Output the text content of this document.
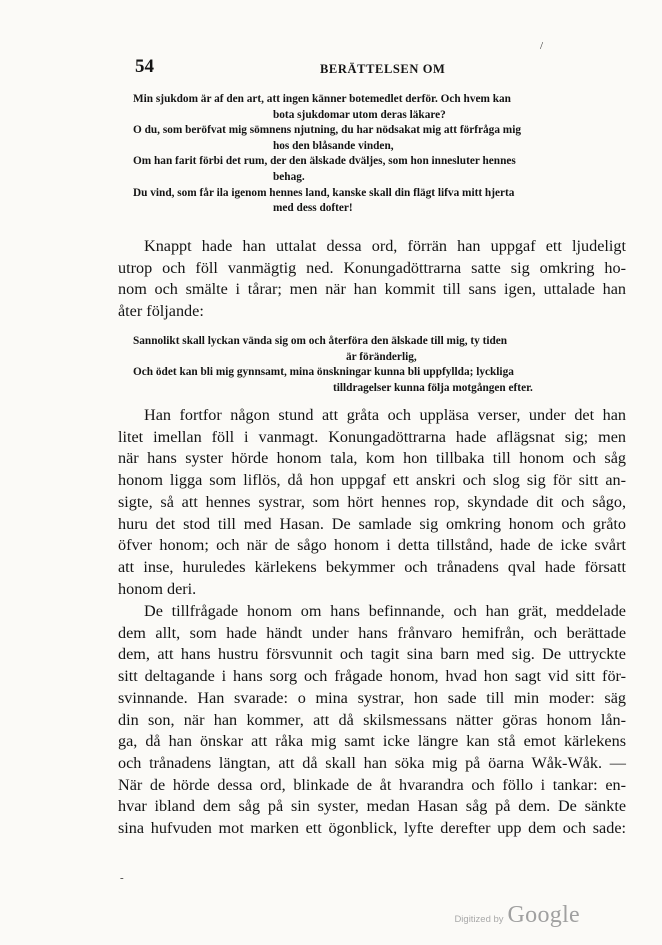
54	BERÄTTELSEN OM
/
Min sjukdom är af den art, att ingen känner botemedlet derför. Och hvem kan
bota sjukdomar utom deras läkare?
O du, som beröfvat mig sömnens njutning, du har nödsakat mig att förfråga mig
hos den blåsande vinden,
Om han farit förbi det rum, der den älskade dväljes, som hon innesluter hennes
behag.
Du vind, som får ila igenom hennes land, kanske skall din flägt lifva mitt hjerta
med dess dofter!

Knappt hade han uttalat dessa ord, förrän han uppgaf ett ljudeligt
utrop och föll vanmägtig ned. Konungadöttrarna satte sig omkring ho-
nom och smälte i tårar; men när han kommit till sans igen, uttalade han
åter följande:

Sannolikt skall lyckan vända sig om och återföra den älskade till mig, ty tiden
är föränderlig,
Och ödet kan bli mig gynnsamt, mina önskningar kunna bli uppfyllda; lyckliga
tilldragelser kunna följa motgången efter.

Han fortfor någon stund att gråta och uppläsa verser, under det han
litet imellan föll i vanmagt. Konungadöttrarna hade aflägsnat sig; men
när hans syster hörde honom tala, kom hon tillbaka till honom och såg
honom ligga som liflös, då hon uppgaf ett anskri och slog sig för sitt an-
sigte, så att hennes systrar, som hört hennes rop, skyndade dit och sågo,
huru det stod till med Hasan. De samlade sig omkring honom och gråto
öfver honom; och när de sågo honom i detta tillstånd, hade de icke svårt
att inse, huruledes kärlekens bekymmer och trånadens qval hade försatt
honom deri.

De tillfrågade honom om hans befinnande, och han grät, meddelade
dem allt, som hade händt under hans frånvaro hemifrån, och berättade
dem, att hans hustru försvunnit och tagit sina barn med sig. De uttryckte
sitt deltagande i hans sorg och frågade honom, hvad hon sagt vid sitt för-
svinnande. Han svarade: o mina systrar, hon sade till min moder: säg
din son, när han kommer, att då skilsmessans nätter göras honom lån-
ga, då han önskar att råka mig samt icke längre kan stå emot kärlekens
och trånadens längtan, att då skall han söka mig på öarna Wåk-Wåk. —
När de hörde dessa ord, blinkade de åt hvarandra och föllo i tankar: en-
hvar ibland dem såg på sin syster, medan Hasan såg på dem. De sänkte
sina hufvuden mot marken ett ögonblick, lyfte derefter upp dem och sade:

-
Digitized by Google
